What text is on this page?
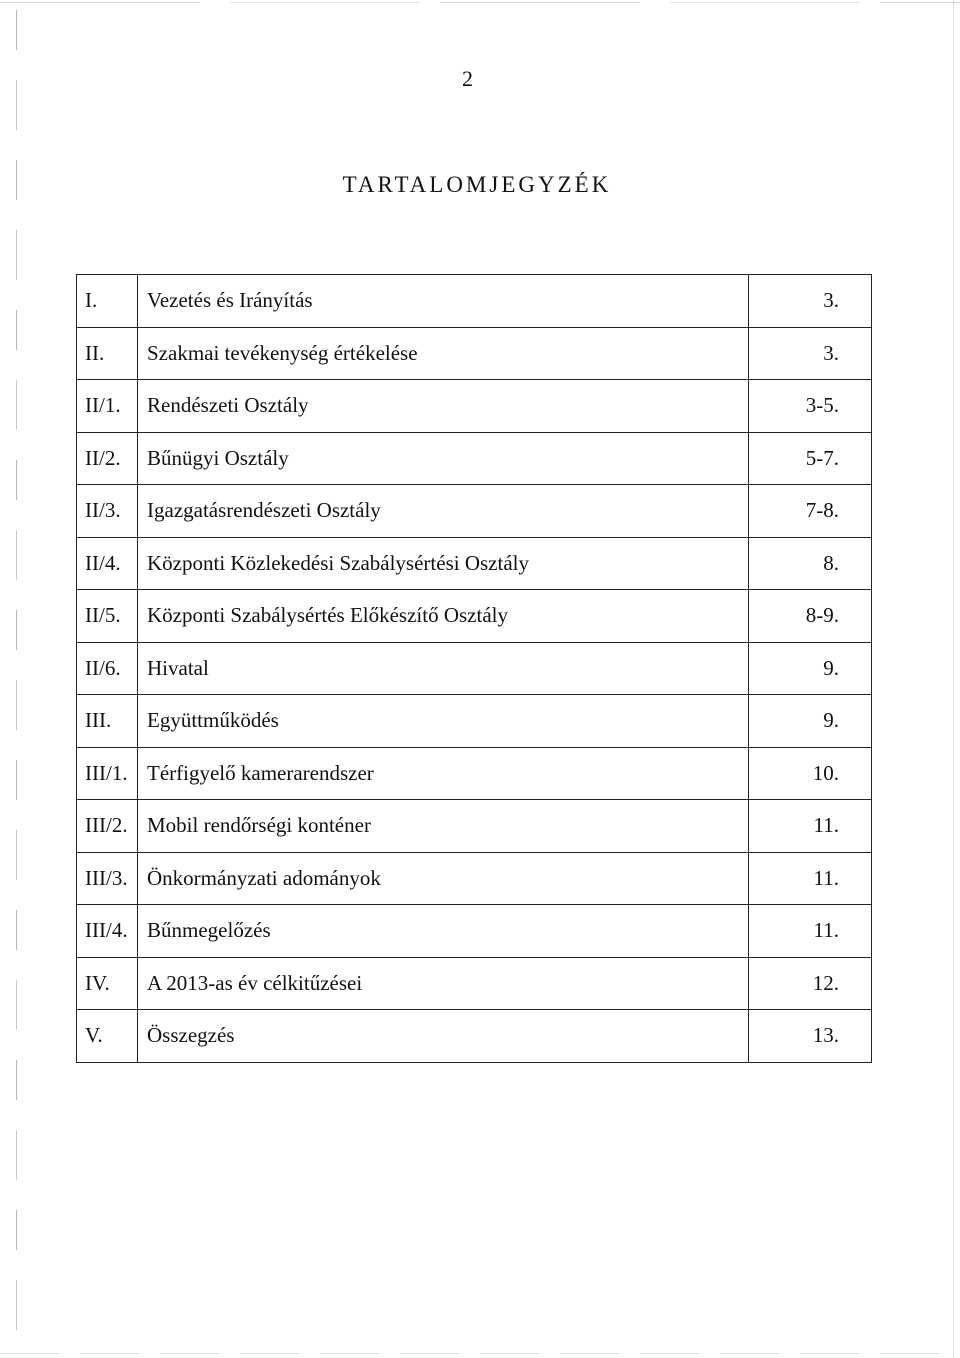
2
TARTALOMJEGYZÉK
I.	Vezetés és Irányítás	3.
II.	Szakmai tevékenység értékelése	3.
II/1.	Rendészeti Osztály	3-5.
II/2.	Bűnügyi Osztály	5-7.
II/3.	Igazgatásrendészeti Osztály	7-8.
II/4.	Központi Közlekedési Szabálysértési Osztály	8.
II/5.	Központi Szabálysértés Előkészítő Osztály	8-9.
II/6.	Hivatal	9.
III.	Együttműködés	9.
III/1.	Térfigyelő kamerarendszer	10.
III/2.	Mobil rendőrségi konténer	11.
III/3.	Önkormányzati adományok	11.
III/4.	Bűnmegelőzés	11.
IV.	A 2013-as év célkitűzései	12.
V.	Összegzés	13.
